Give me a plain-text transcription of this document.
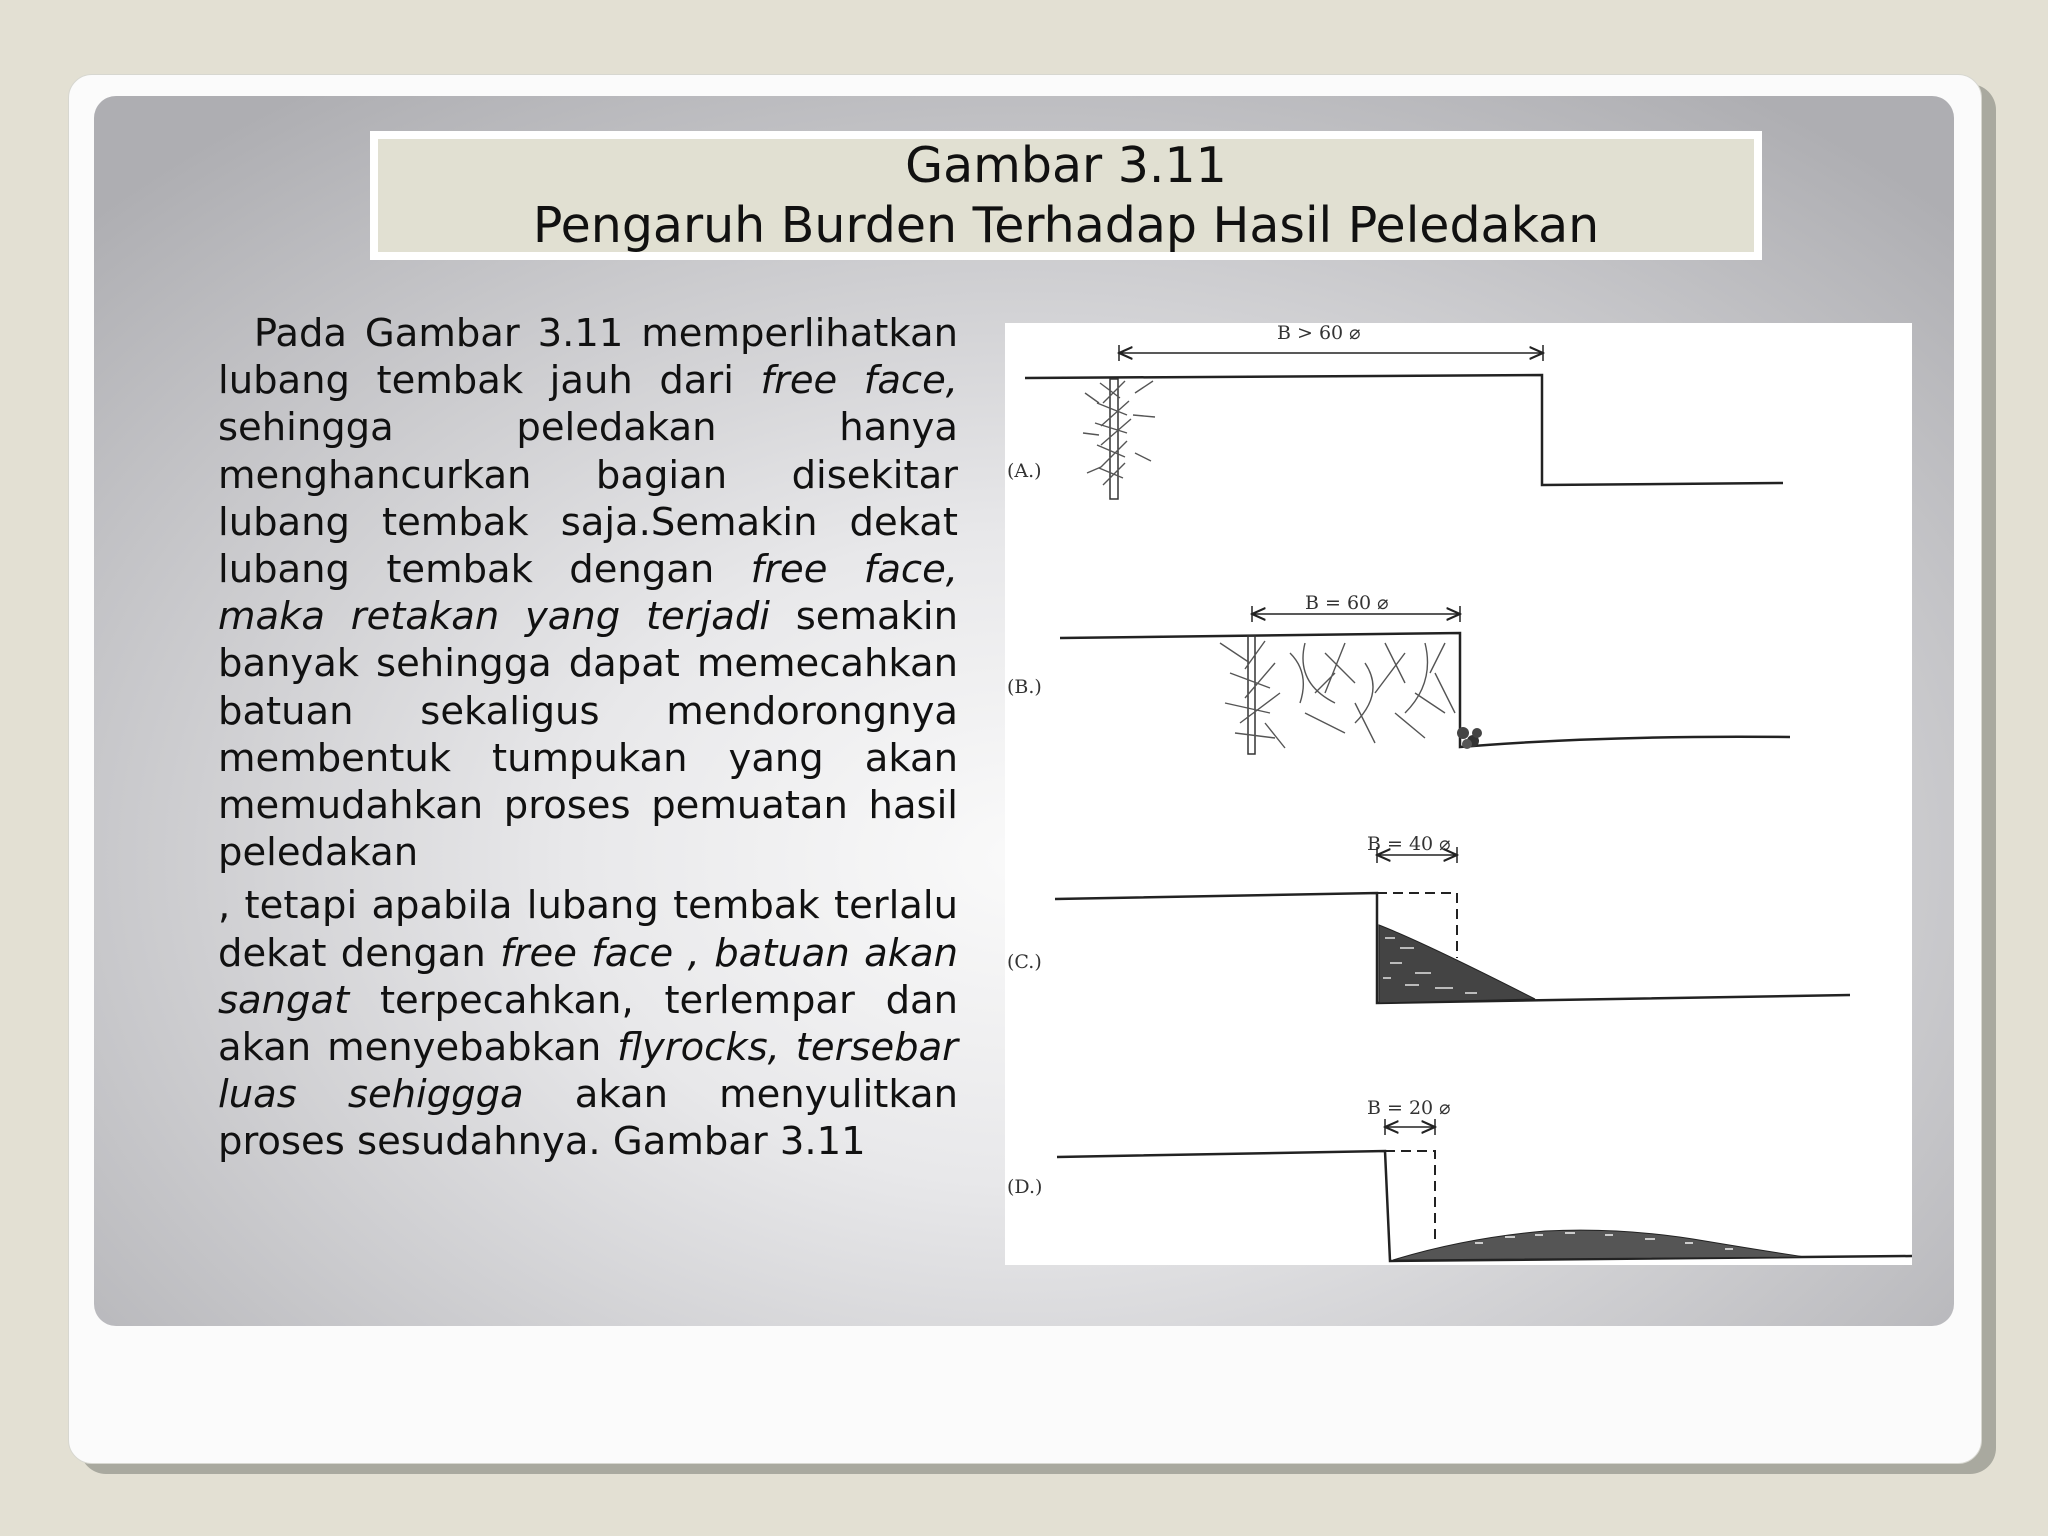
Gambar 3.11
Pengaruh Burden Terhadap Hasil Peledakan

Pada Gambar 3.11 memperlihatkan lubang tembak jauh dari free face, sehingga peledakan hanya menghancurkan bagian disekitar lubang tembak saja.Semakin dekat lubang tembak dengan free face, maka retakan yang terjadi semakin banyak sehingga dapat memecahkan batuan sekaligus mendorongnya membentuk tumpukan yang akan memudahkan proses pemuatan hasil peledakan

, tetapi apabila lubang tembak terlalu dekat dengan free face , batuan akan sangat terpecahkan, terlempar dan akan menyebabkan flyrocks, tersebar luas sehiggga akan menyulitkan proses sesudahnya. Gambar 3.11

(A.)
B > 60 ⌀
(B.)
B = 60 ⌀
(C.)
B = 40 ⌀
(D.)
B = 20 ⌀
